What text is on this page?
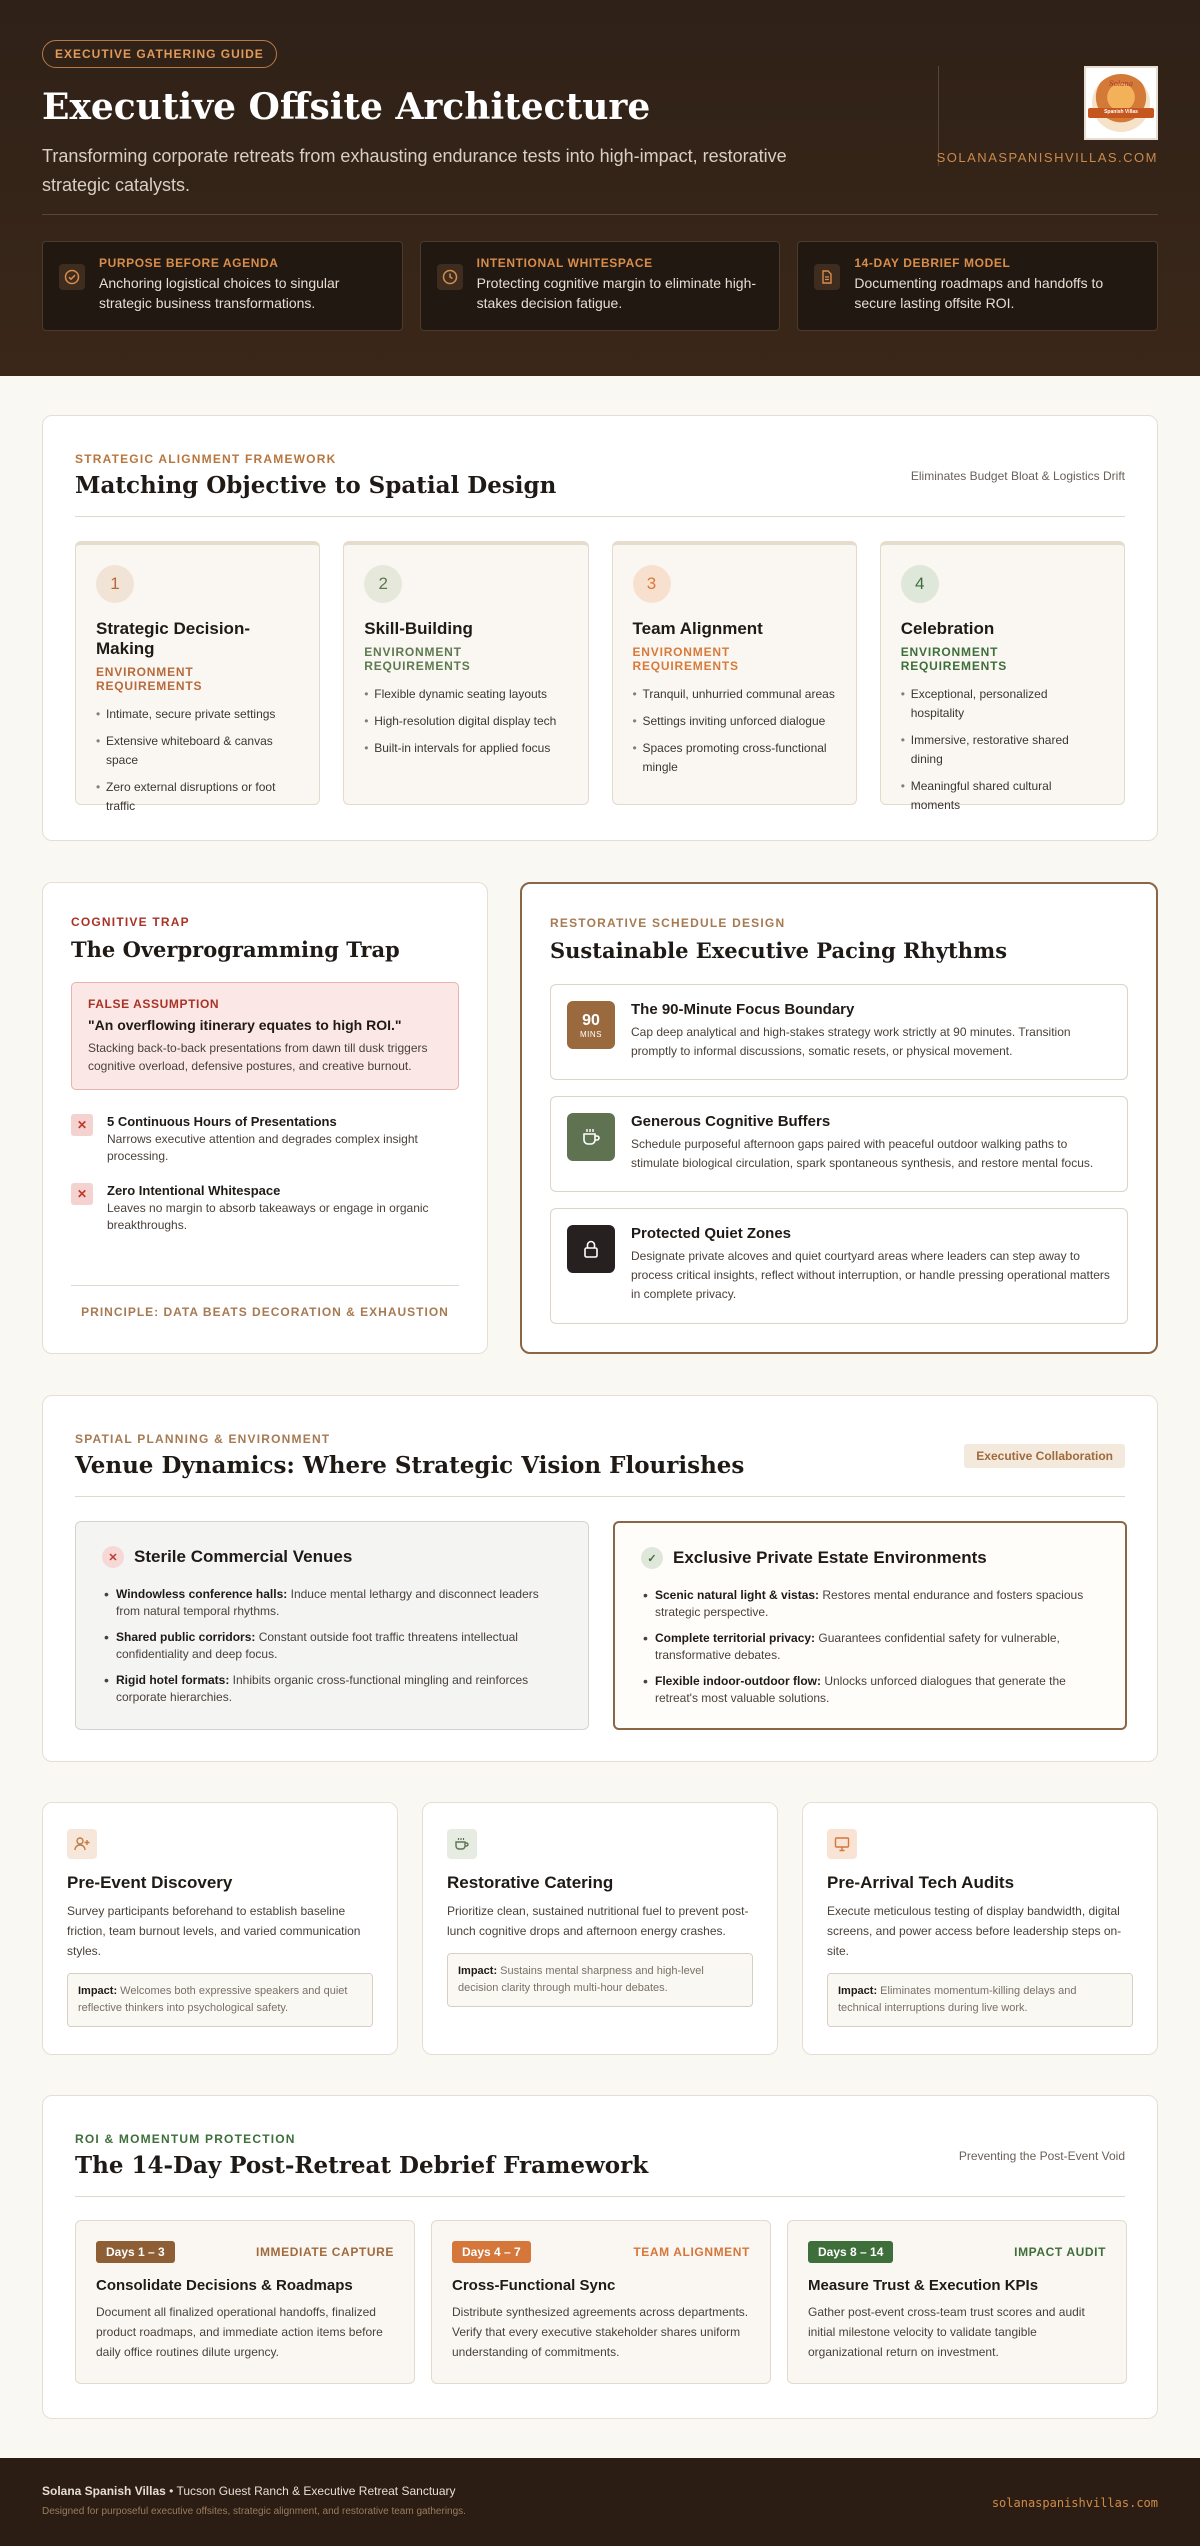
EXECUTIVE GATHERING GUIDE
Executive Offsite Architecture
Transforming corporate retreats from exhausting endurance tests into high-impact, restorative strategic catalysts.
Solana
Spanish Villas
SOLANASPANISHVILLAS.COM
PURPOSE BEFORE AGENDA
Anchoring logistical choices to singular strategic business transformations.
INTENTIONAL WHITESPACE
Protecting cognitive margin to eliminate high-stakes decision fatigue.
14-DAY DEBRIEF MODEL
Documenting roadmaps and handoffs to secure lasting offsite ROI.
STRATEGIC ALIGNMENT FRAMEWORK
Matching Objective to Spatial Design	Eliminates Budget Bloat & Logistics Drift
1
Strategic Decision-Making
ENVIRONMENT REQUIREMENTS
• Intimate, secure private settings
• Extensive whiteboard & canvas space
• Zero external disruptions or foot traffic
2
Skill-Building
ENVIRONMENT REQUIREMENTS
• Flexible dynamic seating layouts
• High-resolution digital display tech
• Built-in intervals for applied focus
3
Team Alignment
ENVIRONMENT REQUIREMENTS
• Tranquil, unhurried communal areas
• Settings inviting unforced dialogue
• Spaces promoting cross-functional mingle
4
Celebration
ENVIRONMENT REQUIREMENTS
• Exceptional, personalized hospitality
• Immersive, restorative shared dining
• Meaningful shared cultural moments
COGNITIVE TRAP
The Overprogramming Trap
FALSE ASSUMPTION
"An overflowing itinerary equates to high ROI."
Stacking back-to-back presentations from dawn till dusk triggers cognitive overload, defensive postures, and creative burnout.
✕	5 Continuous Hours of Presentations
Narrows executive attention and degrades complex insight processing.
✕	Zero Intentional Whitespace
Leaves no margin to absorb takeaways or engage in organic breakthroughs.
PRINCIPLE: DATA BEATS DECORATION & EXHAUSTION
RESTORATIVE SCHEDULE DESIGN
Sustainable Executive Pacing Rhythms
90
MINS
The 90-Minute Focus Boundary
Cap deep analytical and high-stakes strategy work strictly at 90 minutes. Transition promptly to informal discussions, somatic resets, or physical movement.
Generous Cognitive Buffers
Schedule purposeful afternoon gaps paired with peaceful outdoor walking paths to stimulate biological circulation, spark spontaneous synthesis, and restore mental focus.
Protected Quiet Zones
Designate private alcoves and quiet courtyard areas where leaders can step away to process critical insights, reflect without interruption, or handle pressing operational matters in complete privacy.
SPATIAL PLANNING & ENVIRONMENT
Venue Dynamics: Where Strategic Vision Flourishes	Executive Collaboration
✕ Sterile Commercial Venues
• Windowless conference halls: Induce mental lethargy and disconnect leaders from natural temporal rhythms.
• Shared public corridors: Constant outside foot traffic threatens intellectual confidentiality and deep focus.
• Rigid hotel formats: Inhibits organic cross-functional mingling and reinforces corporate hierarchies.
✓ Exclusive Private Estate Environments
• Scenic natural light & vistas: Restores mental endurance and fosters spacious strategic perspective.
• Complete territorial privacy: Guarantees confidential safety for vulnerable, transformative debates.
• Flexible indoor-outdoor flow: Unlocks unforced dialogues that generate the retreat's most valuable solutions.
Pre-Event Discovery
Survey participants beforehand to establish baseline friction, team burnout levels, and varied communication styles.
Impact: Welcomes both expressive speakers and quiet reflective thinkers into psychological safety.
Restorative Catering
Prioritize clean, sustained nutritional fuel to prevent post-lunch cognitive drops and afternoon energy crashes.
Impact: Sustains mental sharpness and high-level decision clarity through multi-hour debates.
Pre-Arrival Tech Audits
Execute meticulous testing of display bandwidth, digital screens, and power access before leadership steps on-site.
Impact: Eliminates momentum-killing delays and technical interruptions during live work.
ROI & MOMENTUM PROTECTION
The 14-Day Post-Retreat Debrief Framework	Preventing the Post-Event Void
Days 1 – 3	IMMEDIATE CAPTURE
Consolidate Decisions & Roadmaps
Document all finalized operational handoffs, finalized product roadmaps, and immediate action items before daily office routines dilute urgency.
Days 4 – 7	TEAM ALIGNMENT
Cross-Functional Sync
Distribute synthesized agreements across departments. Verify that every executive stakeholder shares uniform understanding of commitments.
Days 8 – 14	IMPACT AUDIT
Measure Trust & Execution KPIs
Gather post-event cross-team trust scores and audit initial milestone velocity to validate tangible organizational return on investment.
Solana Spanish Villas • Tucson Guest Ranch & Executive Retreat Sanctuary
Designed for purposeful executive offsites, strategic alignment, and restorative team gatherings.
solanaspanishvillas.com
